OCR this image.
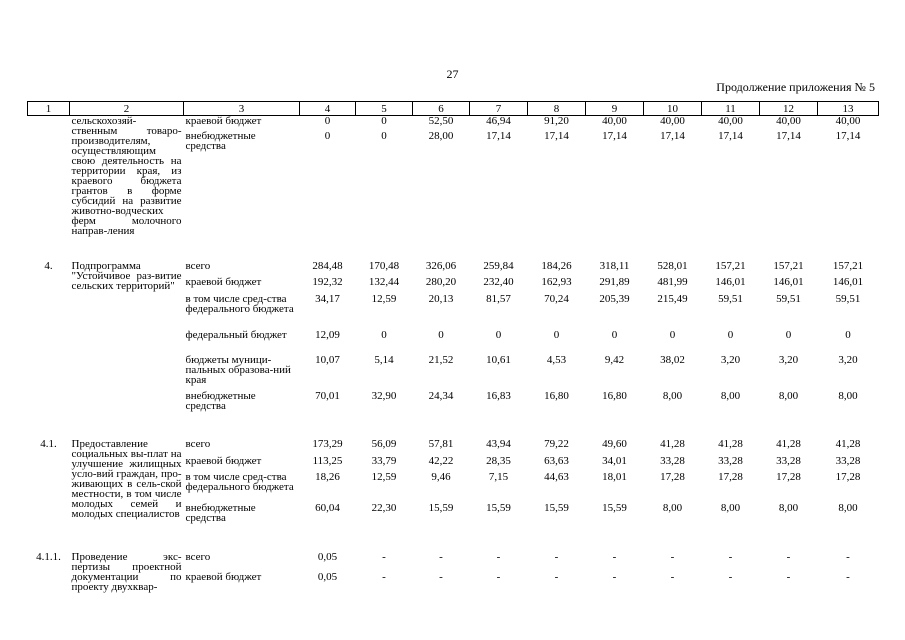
27
Продолжение приложения № 5
1	2	3	4	5	6	7	8	9	10	11	12	13
	сельскохозяй-ственным товаро-производителям, осуществляющим свою деятельность на территории края, из краевого бюджета грантов в форме субсидий на развитие животно-водческих ферм молочного направ-ления	краевой бюджет	0	0	52,50	46,94	91,20	40,00	40,00	40,00	40,00	40,00
		внебюджетные средства	0	0	28,00	17,14	17,14	17,14	17,14	17,14	17,14	17,14

4.	Подпрограмма "Устойчивое раз-витие сельских территорий"	всего	284,48	170,48	326,06	259,84	184,26	318,11	528,01	157,21	157,21	157,21
		краевой бюджет	192,32	132,44	280,20	232,40	162,93	291,89	481,99	146,01	146,01	146,01
		в том числе сред-ства федерального бюджета	34,17	12,59	20,13	81,57	70,24	205,39	215,49	59,51	59,51	59,51
		федеральный бюджет	12,09	0	0	0	0	0	0	0	0	0
		бюджеты муници-пальных образова-ний края	10,07	5,14	21,52	10,61	4,53	9,42	38,02	3,20	3,20	3,20
		внебюджетные средства	70,01	32,90	24,34	16,83	16,80	16,80	8,00	8,00	8,00	8,00

4.1.	Предоставление социальных вы-плат на улучшение жилищных усло-вий граждан, про-живающих в сель-ской местности, в том числе молодых семей и молодых специалистов	всего	173,29	56,09	57,81	43,94	79,22	49,60	41,28	41,28	41,28	41,28
		краевой бюджет	113,25	33,79	42,22	28,35	63,63	34,01	33,28	33,28	33,28	33,28
		в том числе сред-ства федерального бюджета	18,26	12,59	9,46	7,15	44,63	18,01	17,28	17,28	17,28	17,28
		внебюджетные средства	60,04	22,30	15,59	15,59	15,59	15,59	8,00	8,00	8,00	8,00

4.1.1.	Проведение экс-пертизы проектной документации по проекту двухквар-	всего	0,05	-	-	-	-	-	-	-	-	-
		краевой бюджет	0,05	-	-	-	-	-	-	-	-	-
